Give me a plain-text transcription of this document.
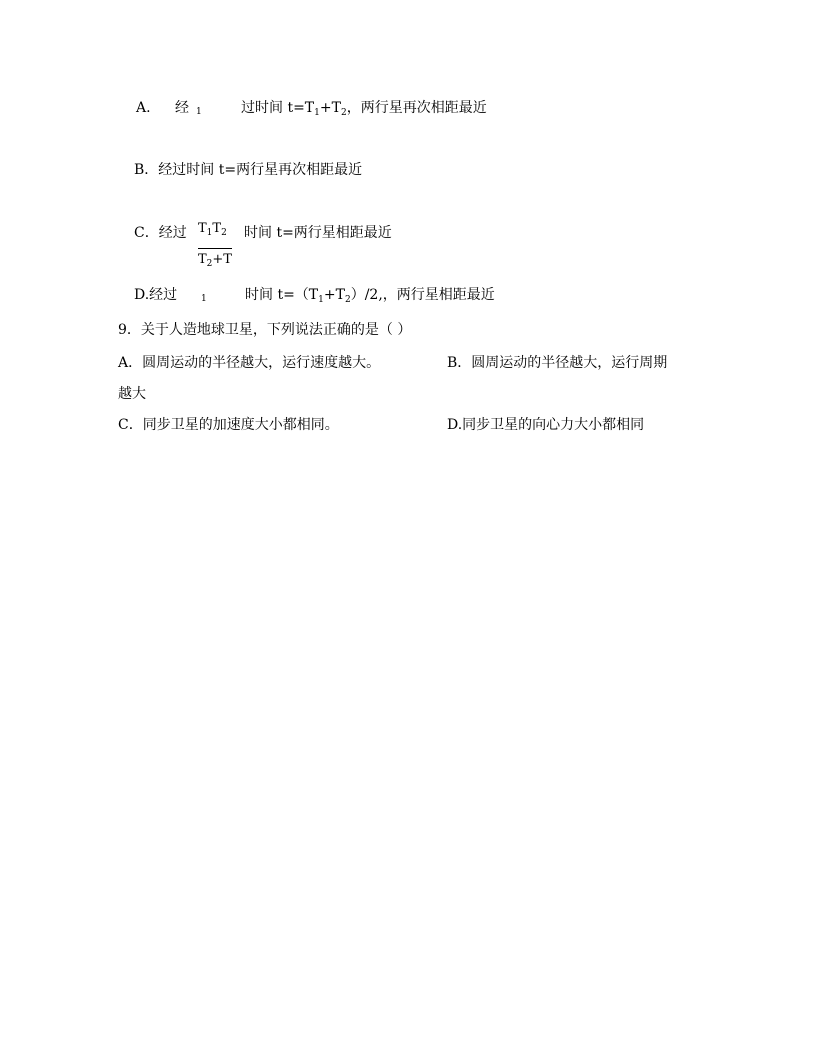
A. 经 1	过时间 $t=T_1+T_2$，两行星再次相距最近
B．经过时间 t=两行星再次相距最近
C．经过 $T_1T_2$
$T_2+T$
时间 t=两行星相距最近
D.经过	1	时间 $t=(T_1+T_2)/2$,，两行星相距最近
9．关于人造地球卫星，下列说法正确的是（ ）
A．圆周运动的半径越大，运行速度越大。	B．圆周运动的半径越大，运行周期
越大
C．同步卫星的加速度大小都相同。	D.同步卫星的向心力大小都相同
